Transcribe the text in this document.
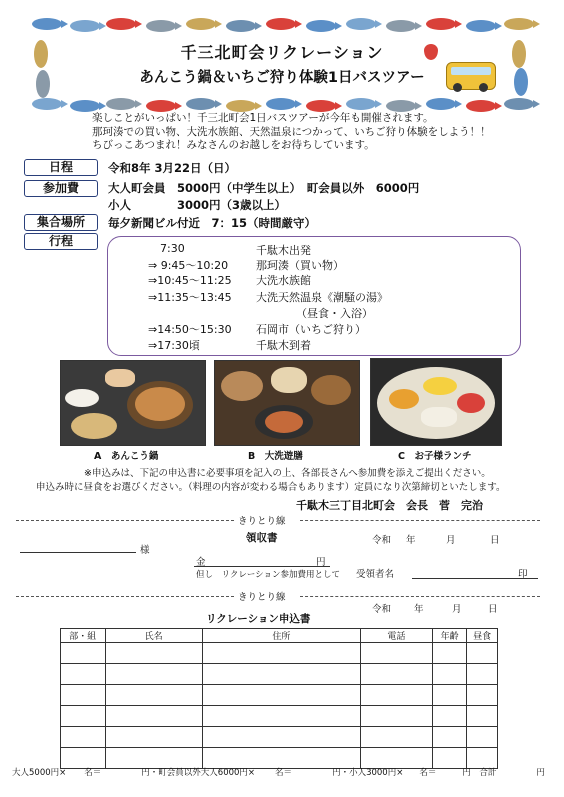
千三北町会リクレーション
あんこう鍋＆いちご狩り体験1日バスツアー
楽しことがいっぱい！千三北町会1日バスツアーが今年も開催されます。
那珂湊での買い物、大洗水族館、天然温泉につかって、いちご狩り体験をしよう！！
ちびっこあつまれ！みなさんのお越しをお待ちしています。
日程	令和8年 3月22日（日）
参加費	大人町会員　5000円（中学生以上）　町会員以外　6000円
小人　　　　3000円（3歳以上）
集合場所	毎夕新聞ビル付近　7：15（時間厳守）
行程
7:30	千駄木出発
⇒ 9:45～10:20	那珂湊（買い物）
⇒10:45～11:25 大洗水族館
⇒11:35～13:45 大洗天然温泉《潮騒の湯》
（昼食・入浴）
⇒14:50～15:30 石岡市（いちご狩り）
⇒17:30頃	千駄木到着
A　あんこう鍋	B　大洗遊膳	C　お子様ランチ
※申込みは、下記の申込書に必要事項を記入の上、各部長さんへ参加費を添えご提出ください。
申込み時に昼食をお選びください。（料理の内容が変わる場合もあります）定員になり次第締切といたします。
千駄木三丁目北町会　会長　菅　完治
きりとり線
領収書	令和 年	月	日
様
金	円
但し　リクレーション参加費用として 受領者名	印
きりとり線
令和 年	月	日
リクレーション申込書
部・組	氏名	住所	電話	年齢	昼食

大人5000円× 名＝	円・町会員以外大人6000円× 名＝	円・小人3000円× 名＝	円　合計	円
